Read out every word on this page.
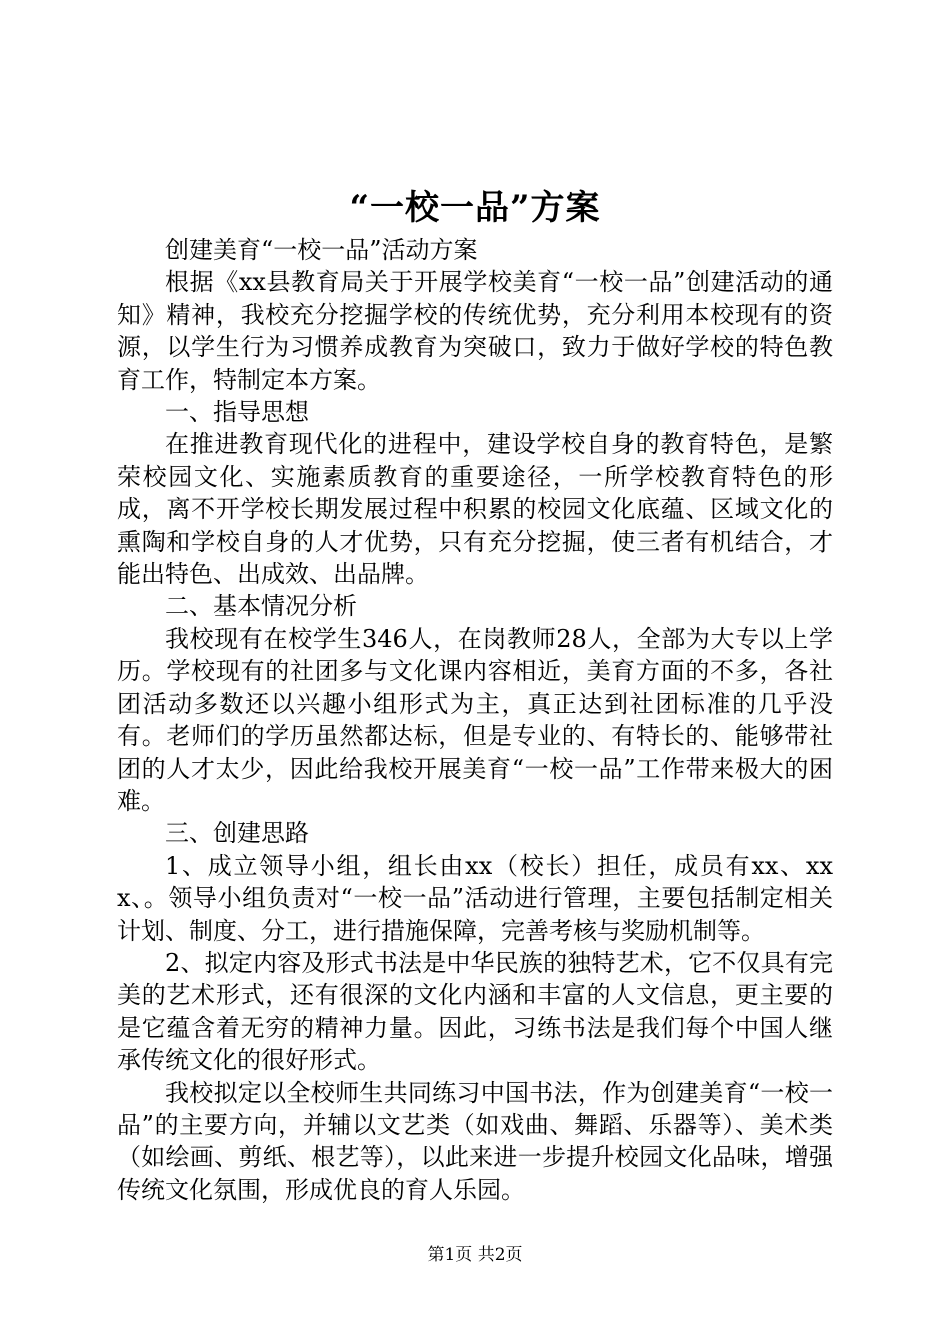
“一校一品”方案

创建美育“一校一品”活动方案

根据《xx县教育局关于开展学校美育“一校一品”创建活动的通知》精神，我校充分挖掘学校的传统优势，充分利用本校现有的资源，以学生行为习惯养成教育为突破口，致力于做好学校的特色教育工作，特制定本方案。

一、指导思想

在推进教育现代化的进程中，建设学校自身的教育特色，是繁荣校园文化、实施素质教育的重要途径，一所学校教育特色的形成，离不开学校长期发展过程中积累的校园文化底蕴、区域文化的熏陶和学校自身的人才优势，只有充分挖掘，使三者有机结合，才能出特色、出成效、出品牌。

二、基本情况分析

我校现有在校学生346人，在岗教师28人，全部为大专以上学历。学校现有的社团多与文化课内容相近，美育方面的不多，各社团活动多数还以兴趣小组形式为主，真正达到社团标准的几乎没有。老师们的学历虽然都达标，但是专业的、有特长的、能够带社团的人才太少，因此给我校开展美育“一校一品”工作带来极大的困难。

三、创建思路

1、成立领导小组，组长由xx（校长）担任，成员有xx、xxx、。领导小组负责对“一校一品”活动进行管理，主要包括制定相关计划、制度、分工，进行措施保障，完善考核与奖励机制等。

2、拟定内容及形式书法是中华民族的独特艺术，它不仅具有完美的艺术形式，还有很深的文化内涵和丰富的人文信息，更主要的是它蕴含着无穷的精神力量。因此，习练书法是我们每个中国人继承传统文化的很好形式。

我校拟定以全校师生共同练习中国书法，作为创建美育“一校一品”的主要方向，并辅以文艺类（如戏曲、舞蹈、乐器等）、美术类（如绘画、剪纸、根艺等），以此来进一步提升校园文化品味，增强传统文化氛围，形成优良的育人乐园。

第1页 共2页
